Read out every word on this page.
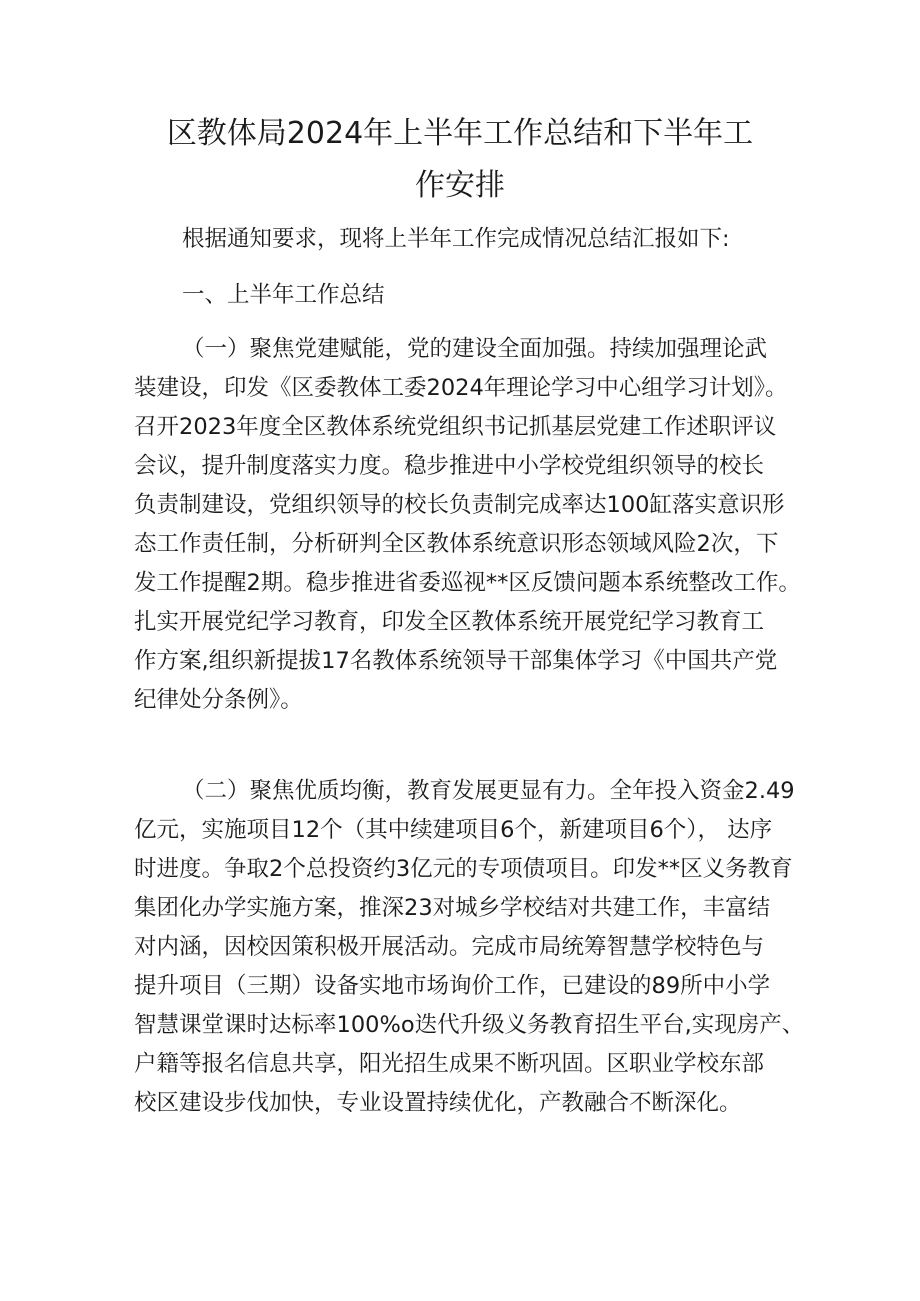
区教体局2024年上半年工作总结和下半年工
作安排

根据通知要求，现将上半年工作完成情况总结汇报如下:

一、上半年工作总结

（一）聚焦党建赋能，党的建设全面加强。持续加强理论武
装建设，印发《区委教体工委2024年理论学习中心组学习计划》。
召开2023年度全区教体系统党组织书记抓基层党建工作述职评议
会议，提升制度落实力度。稳步推进中小学校党组织领导的校长
负责制建设，党组织领导的校长负责制完成率达100缸落实意识形
态工作责任制，分析研判全区教体系统意识形态领域风险2次，下
发工作提醒2期。稳步推进省委巡视**区反馈问题本系统整改工作。
扎实开展党纪学习教育，印发全区教体系统开展党纪学习教育工
作方案,组织新提拔17名教体系统领导干部集体学习《中国共产党
纪律处分条例》。
（二）聚焦优质均衡，教育发展更显有力。全年投入资金2.49
亿元，实施项目12个（其中续建项目6个，新建项目6个）， 达序
时进度。争取2个总投资约3亿元的专项债项目。印发**区义务教育
集团化办学实施方案，推深23对城乡学校结对共建工作，丰富结
对内涵，因校因策积极开展活动。完成市局统筹智慧学校特色与
提升项目（三期）设备实地市场询价工作，已建设的89所中小学
智慧课堂课时达标率100%o迭代升级义务教育招生平台,实现房产、
户籍等报名信息共享，阳光招生成果不断巩固。区职业学校东部
校区建设步伐加快，专业设置持续优化，产教融合不断深化。
